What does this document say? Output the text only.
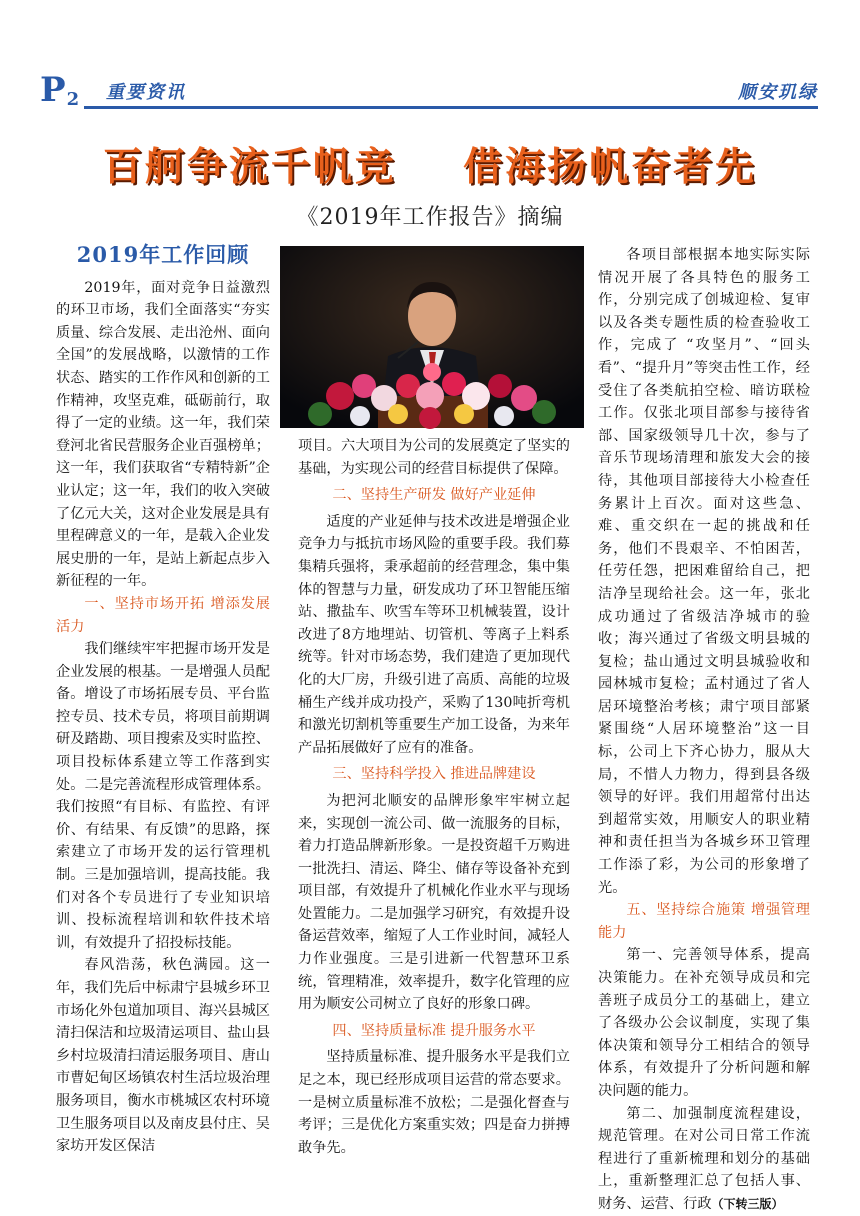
$P_2$ 重要资讯	顺安玑绿
百舸争流千帆竞    借海扬帆奋者先
《2019年工作报告》摘编
2019年工作回顾

2019年，面对竞争日益激烈的环卫市场，我们全面落实“夯实质量、综合发展、走出沧州、面向全国”的发展战略，以激情的工作状态、踏实的工作作风和创新的工作精神，攻坚克难，砥砺前行，取得了一定的业绩。这一年，我们荣登河北省民营服务企业百强榜单；这一年，我们获取省“专精特新”企业认定；这一年，我们的收入突破了亿元大关，这对企业发展是具有里程碑意义的一年，是载入企业发展史册的一年，是站上新起点步入新征程的一年。

一、坚持市场开拓 增添发展活力

我们继续牢牢把握市场开发是企业发展的根基。一是增强人员配备。增设了市场拓展专员、平台监控专员、技术专员，将项目前期调研及踏勘、项目搜索及实时监控、项目投标体系建立等工作落到实处。二是完善流程形成管理体系。我们按照“有目标、有监控、有评价、有结果、有反馈”的思路，探索建立了市场开发的运行管理机制。三是加强培训，提高技能。我们对各个专员进行了专业知识培训、投标流程培训和软件技术培训，有效提升了招投标技能。

春风浩荡，秋色满园。这一年，我们先后中标肃宁县城乡环卫市场化外包道加项目、海兴县城区清扫保洁和垃圾清运项目、盐山县乡村垃圾清扫清运服务项目、唐山市曹妃甸区场镇农村生活垃圾治理服务项目，衡水市桃城区农村环境卫生服务项目以及南皮县付庄、吴家坊开发区保洁

项目。六大项目为公司的发展奠定了坚实的基础，为实现公司的经营目标提供了保障。

二、坚持生产研发 做好产业延伸

适度的产业延伸与技术改进是增强企业竞争力与抵抗市场风险的重要手段。我们募集精兵强将，秉承超前的经营理念，集中集体的智慧与力量，研发成功了环卫智能压缩站、撒盐车、吹雪车等环卫机械装置，设计改进了8方地埋站、切管机、等离子上料系统等。针对市场态势，我们建造了更加现代化的大厂房，升级引进了高质、高能的垃圾桶生产线并成功投产，采购了130吨折弯机和激光切割机等重要生产加工设备，为来年产品拓展做好了应有的准备。

三、坚持科学投入 推进品牌建设

为把河北顺安的品牌形象牢牢树立起来，实现创一流公司、做一流服务的目标，着力打造品牌新形象。一是投资超千万购进一批洗扫、清运、降尘、储存等设备补充到项目部，有效提升了机械化作业水平与现场处置能力。二是加强学习研究，有效提升设备运营效率，缩短了人工作业时间，减轻人力作业强度。三是引进新一代智慧环卫系统，管理精准，效率提升，数字化管理的应用为顺安公司树立了良好的形象口碑。

四、坚持质量标准 提升服务水平

坚持质量标准、提升服务水平是我们立足之本，现已经形成项目运营的常态要求。一是树立质量标准不放松；二是强化督查与考评；三是优化方案重实效；四是奋力拼搏敢争先。

各项目部根据本地实际实际情况开展了各具特色的服务工作，分别完成了创城迎检、复审以及各类专题性质的检查验收工作，完成了 “攻坚月”、“回头看”、“提升月”等突击性工作，经受住了各类航拍空检、暗访联检工作。仅张北项目部参与接待省部、国家级领导几十次，参与了音乐节现场清理和旅发大会的接待，其他项目部接待大小检查任务累计上百次。面对这些急、难、重交织在一起的挑战和任务，他们不畏艰辛、不怕困苦，任劳任怨，把困难留给自己，把洁净呈现给社会。这一年，张北成功通过了省级洁净城市的验收；海兴通过了省级文明县城的复检；盐山通过文明县城验收和园林城市复检；孟村通过了省人居环境整治考核；肃宁项目部紧紧围绕“人居环境整治”这一目标，公司上下齐心协力，服从大局，不惜人力物力，得到县各级领导的好评。我们用超常付出达到超常实效，用顺安人的职业精神和责任担当为各城乡环卫管理工作添了彩，为公司的形象增了光。

五、坚持综合施策 增强管理能力

第一、完善领导体系，提高决策能力。在补充领导成员和完善班子成员分工的基础上，建立了各级办公会议制度，实现了集体决策和领导分工相结合的领导体系，有效提升了分析问题和解决问题的能力。

第二、加强制度流程建设，规范管理。在对公司日常工作流程进行了重新梳理和划分的基础上，重新整理汇总了包括人事、财务、运营、行政（下转三版）
